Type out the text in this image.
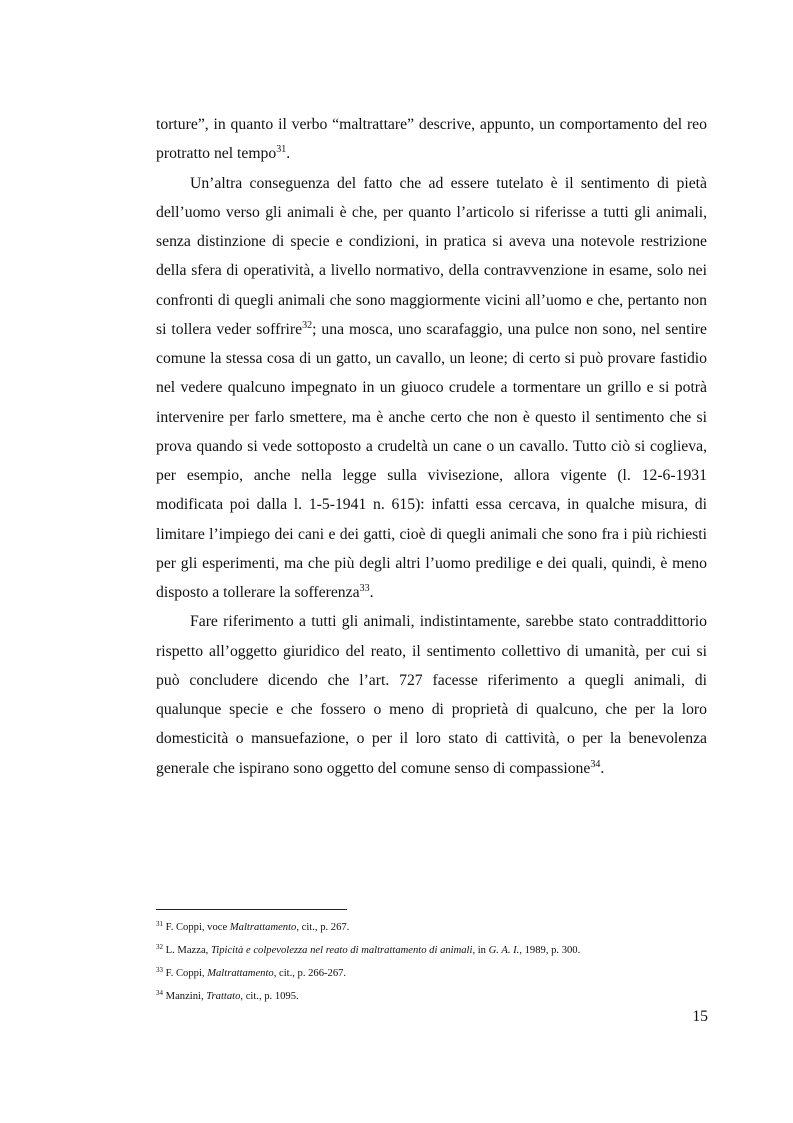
torture”, in quanto il verbo “maltrattare” descrive, appunto, un comportamento del reo protratto nel tempo$^{31}$.

Un’altra conseguenza del fatto che ad essere tutelato è il sentimento di pietà dell’uomo verso gli animali è che, per quanto l’articolo si riferisse a tutti gli animali, senza distinzione di specie e condizioni, in pratica si aveva una notevole restrizione della sfera di operatività, a livello normativo, della contravvenzione in esame, solo nei confronti di quegli animali che sono maggiormente vicini all’uomo e che, pertanto non si tollera veder soffrire$^{32}$; una mosca, uno scarafaggio, una pulce non sono, nel sentire comune la stessa cosa di un gatto, un cavallo, un leone; di certo si può provare fastidio nel vedere qualcuno impegnato in un giuoco crudele a tormentare un grillo e si potrà intervenire per farlo smettere, ma è anche certo che non è questo il sentimento che si prova quando si vede sottoposto a crudeltà un cane o un cavallo. Tutto ciò si coglieva, per esempio, anche nella legge sulla vivisezione, allora vigente (l. 12-6-1931 modificata poi dalla l. 1-5-1941 n. 615): infatti essa cercava, in qualche misura, di limitare l’impiego dei cani e dei gatti, cioè di quegli animali che sono fra i più richiesti per gli esperimenti, ma che più degli altri l’uomo predilige e dei quali, quindi, è meno disposto a tollerare la sofferenza$^{33}$.

Fare riferimento a tutti gli animali, indistintamente, sarebbe stato contraddittorio rispetto all’oggetto giuridico del reato, il sentimento collettivo di umanità, per cui si può concludere dicendo che l’art. 727 facesse riferimento a quegli animali, di qualunque specie e che fossero o meno di proprietà di qualcuno, che per la loro domesticità o mansuefazione, o per il loro stato di cattività, o per la benevolenza generale che ispirano sono oggetto del comune senso di compassione$^{34}$.

$^{31}$ F. Coppi, voce Maltrattamento, cit., p. 267.
$^{32}$ L. Mazza, Tipicità e colpevolezza nel reato di maltrattamento di animali, in G. A. I., 1989, p. 300.
$^{33}$ F. Coppi, Maltrattamento, cit., p. 266-267.
$^{34}$ Manzini, Trattato, cit., p. 1095.
15
